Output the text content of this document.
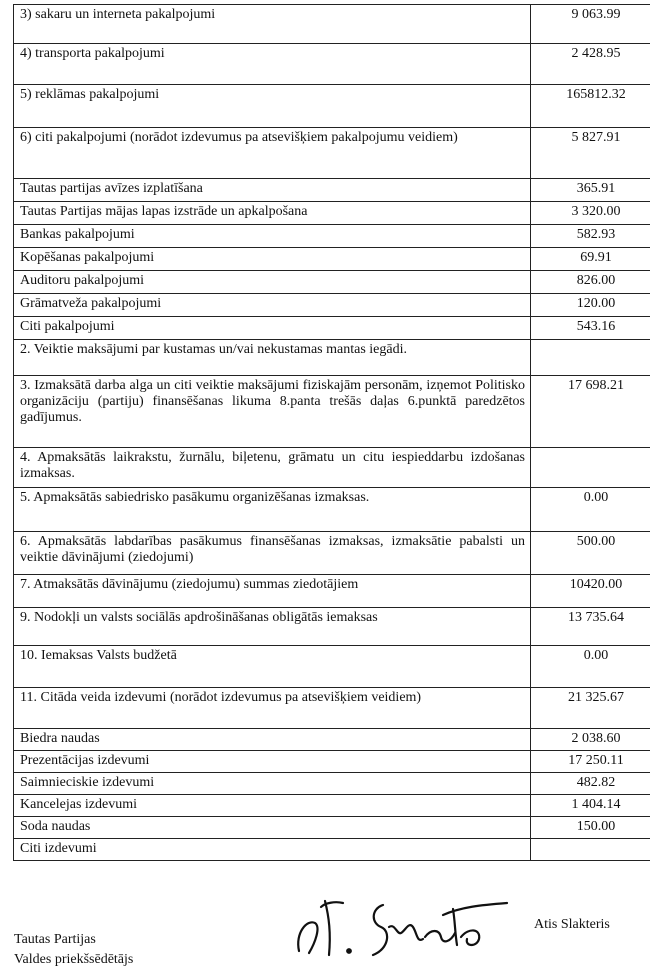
3) sakaru un interneta pakalpojumi	9 063.99
4) transporta pakalpojumi	2 428.95
5) reklāmas pakalpojumi	165812.32
6) citi pakalpojumi (norādot izdevumus pa atsevišķiem pakalpojumu veidiem)	5 827.91
Tautas partijas avīzes izplatīšana	365.91
Tautas Partijas mājas lapas izstrāde un apkalpošana	3 320.00
Bankas pakalpojumi	582.93
Kopēšanas pakalpojumi	69.91
Auditoru pakalpojumi	826.00
Grāmatveža pakalpojumi	120.00
Citi pakalpojumi	543.16
2. Veiktie maksājumi par kustamas un/vai nekustamas mantas iegādi.	
3. Izmaksātā darba alga un citi veiktie maksājumi fiziskajām personām, izņemot Politisko organizāciju (partiju) finansēšanas likuma 8.panta trešās daļas 6.punktā paredzētos gadījumus.	17 698.21
4. Apmaksātās laikrakstu, žurnālu, biļetenu, grāmatu un citu iespieddarbu izdošanas izmaksas.	
5. Apmaksātās sabiedrisko pasākumu organizēšanas izmaksas.	0.00
6. Apmaksātās labdarības pasākumus finansēšanas izmaksas, izmaksātie pabalsti un veiktie dāvinājumi (ziedojumi)	500.00
7. Atmaksātās dāvinājumu (ziedojumu) summas ziedotājiem	10420.00
9. Nodokļi un valsts sociālās apdrošināšanas obligātās iemaksas	13 735.64
10. Iemaksas Valsts budžetā	0.00
11. Citāda veida izdevumi (norādot izdevumus pa atsevišķiem veidiem)	21 325.67
Biedra naudas	2 038.60
Prezentācijas izdevumi	17 250.11
Saimnieciskie izdevumi	482.82
Kancelejas izdevumi	1 404.14
Soda naudas	150.00
Citi izdevumi	
Tautas Partijas
Valdes priekšsēdētājs
Atis Slakteris
